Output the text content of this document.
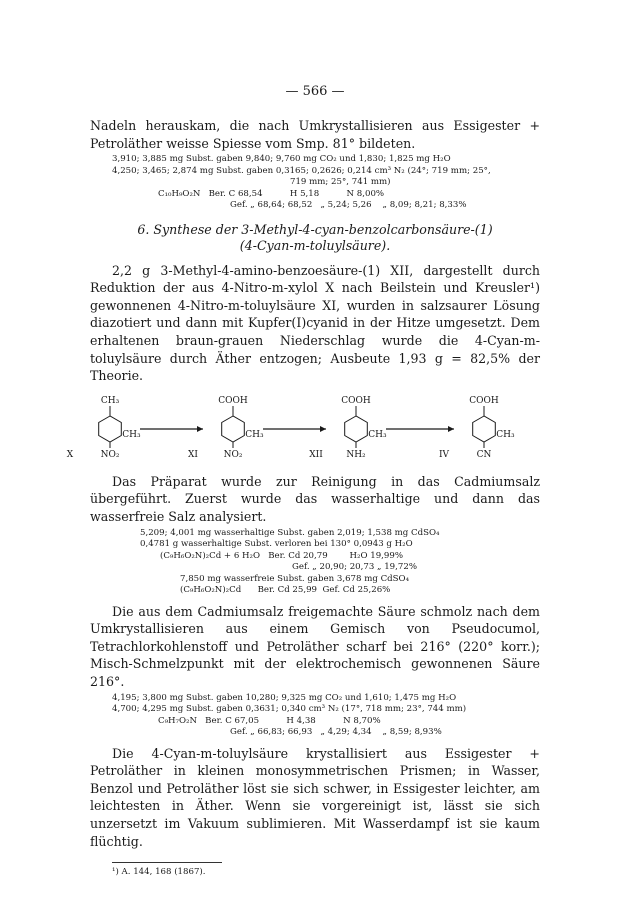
— 566 —

Nadeln herauskam, die nach Umkrystallisieren aus Essigester + Petroläther weisse Spiesse vom Smp. 81° bildeten.

3,910; 3,885 mg Subst. gaben 9,840; 9,760 mg CO₂ und 1,830; 1,825 mg H₂O
4,250; 3,465; 2,874 mg Subst. gaben 0,3165; 0,2626; 0,214 cm³ N₂ (24°; 719 mm; 25°,
719 mm; 25°, 741 mm)
C₁₀H₉O₂N   Ber. C 68,54          H 5,18          N 8,00%
Gef. „ 68,64; 68,52   „ 5,24; 5,26    „ 8,09; 8,21; 8,33%
6. Synthese der 3-Methyl-4-cyan-benzolcarbonsäure-(1)
(4-Cyan-m-toluylsäure).

2,2 g 3-Methyl-4-amino-benzoesäure-(1) XII, dargestellt durch Reduktion der aus 4-Nitro-m-xylol X nach Beilstein und Kreusler¹) gewonnenen 4-Nitro-m-toluylsäure XI, wurden in salzsaurer Lösung diazotiert und dann mit Kupfer(I)cyanid in der Hitze umgesetzt. Dem erhaltenen braun-grauen Niederschlag wurde die 4-Cyan-m-toluylsäure durch Äther entzogen; Ausbeute 1,93 g = 82,5% der Theorie.

CH₃
CH₃
NO₂
X
COOH
CH₃
NO₂
XI
COOH
CH₃
NH₂
XII
COOH
CH₃
CN
IV

Das Präparat wurde zur Reinigung in das Cadmiumsalz übergeführt. Zuerst wurde das wasserhaltige und dann das wasserfreie Salz analysiert.

5,209; 4,001 mg wasserhaltige Subst. gaben 2,019; 1,538 mg CdSO₄
0,4781 g wasserhaltige Subst. verloren bei 130° 0,0943 g H₂O
(C₉H₆O₂N)₂Cd + 6 H₂O   Ber. Cd 20,79        H₂O 19,99%
Gef. „ 20,90; 20,73 „ 19,72%
7,850 mg wasserfreie Subst. gaben 3,678 mg CdSO₄
(C₉H₆O₂N)₂Cd      Ber. Cd 25,99  Gef. Cd 25,26%

Die aus dem Cadmiumsalz freigemachte Säure schmolz nach dem Umkrystallisieren aus einem Gemisch von Pseudocumol, Tetrachlorkohlenstoff und Petroläther scharf bei 216° (220° korr.); Misch-Schmelzpunkt mit der elektrochemisch gewonnenen Säure 216°.

4,195; 3,800 mg Subst. gaben 10,280; 9,325 mg CO₂ und 1,610; 1,475 mg H₂O
4,700; 4,295 mg Subst. gaben 0,3631; 0,340 cm³ N₂ (17°, 718 mm; 23°, 744 mm)
C₉H₇O₂N   Ber. C 67,05          H 4,38          N 8,70%
Gef. „ 66,83; 66,93   „ 4,29; 4,34    „ 8,59; 8,93%

Die 4-Cyan-m-toluylsäure krystallisiert aus Essigester + Petroläther in kleinen monosymmetrischen Prismen; in Wasser, Benzol und Petroläther löst sie sich schwer, in Essigester leichter, am leichtesten in Äther. Wenn sie vorgereinigt ist, lässt sie sich unzersetzt im Vakuum sublimieren. Mit Wasserdampf ist sie kaum flüchtig.

¹) A. 144, 168 (1867).
